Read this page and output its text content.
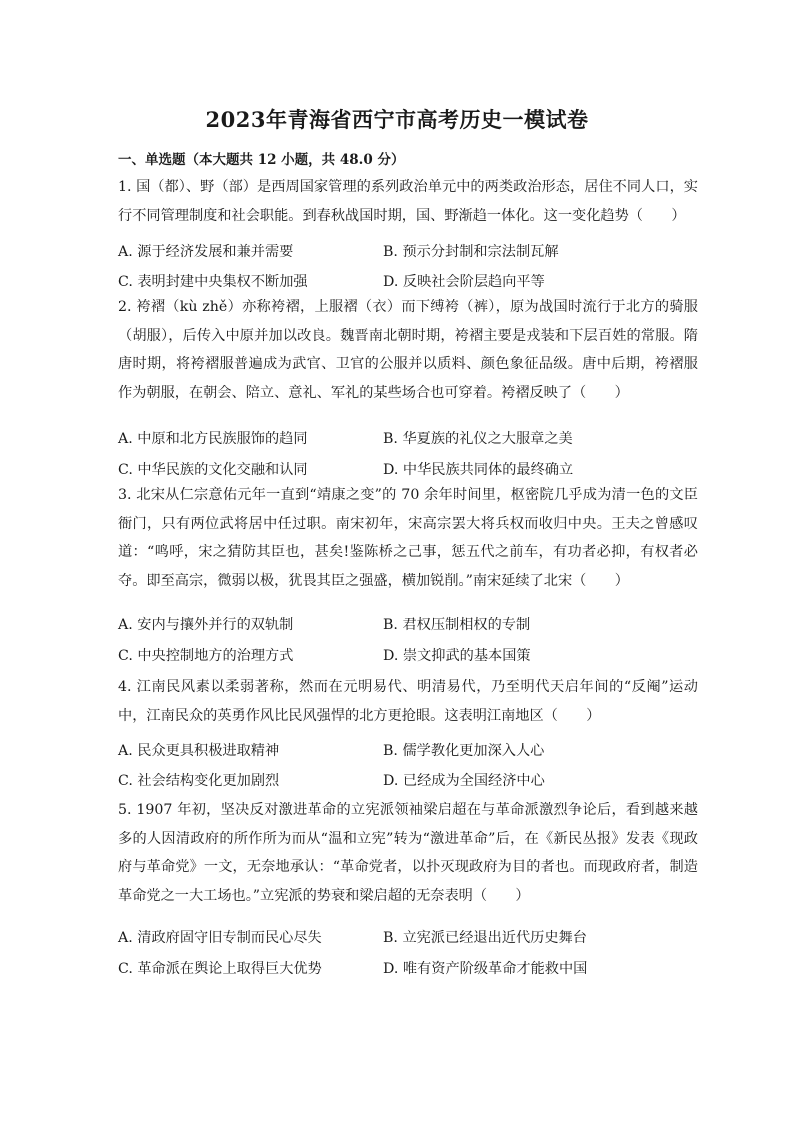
2023年青海省西宁市高考历史一模试卷
一、单选题（本大题共 12 小题，共 48.0 分）
1. 国（都）、野（部）是西周国家管理的系列政治单元中的两类政治形态，居住不同人口，实行不同管理制度和社会职能。到春秋战国时期，国、野渐趋一体化。这一变化趋势（　　）
A. 源于经济发展和兼并需要	B. 预示分封制和宗法制瓦解
C. 表明封建中央集权不断加强	D. 反映社会阶层趋向平等
2. 袴褶（kù zhě）亦称袴褶，上服褶（衣）而下缚袴（裤），原为战国时流行于北方的骑服（胡服），后传入中原并加以改良。魏晋南北朝时期，袴褶主要是戎装和下层百姓的常服。隋唐时期，将袴褶服普遍成为武官、卫官的公服并以质料、颜色象征品级。唐中后期，袴褶服作为朝服，在朝会、陪立、意礼、军礼的某些场合也可穿着。袴褶反映了（　　）
A. 中原和北方民族服饰的趋同	B. 华夏族的礼仪之大服章之美
C. 中华民族的文化交融和认同	D. 中华民族共同体的最终确立
3. 北宋从仁宗意佑元年一直到“靖康之变”的 70 余年时间里，枢密院几乎成为清一色的文臣衙门，只有两位武将居中任过职。南宋初年，宋高宗罢大将兵权而收归中央。王夫之曾感叹道：“鸣呼，宋之猜防其臣也，甚矣!鉴陈桥之己事，惩五代之前车，有功者必抑，有权者必夺。即至高宗，微弱以极，犹畏其臣之强盛，横加锐削。”南宋延续了北宋（　　）
A. 安内与攘外并行的双轨制	B. 君权压制相权的专制
C. 中央控制地方的治理方式	D. 崇文抑武的基本国策
4. 江南民风素以柔弱著称，然而在元明易代、明清易代，乃至明代天启年间的“反阉”运动中，江南民众的英勇作风比民风强悍的北方更抢眼。这表明江南地区（　　）
A. 民众更具积极进取精神	B. 儒学教化更加深入人心
C. 社会结构变化更加剧烈	D. 已经成为全国经济中心
5. 1907 年初，坚决反对激进革命的立宪派领袖梁启超在与革命派激烈争论后，看到越来越多的人因清政府的所作所为而从“温和立宪”转为“激进革命”后，在《新民丛报》发表《现政府与革命党》一文，无奈地承认：“革命党者，以扑灭现政府为目的者也。而现政府者，制造革命党之一大工场也。”立宪派的势衰和梁启超的无奈表明（　　）
A. 清政府固守旧专制而民心尽失	B. 立宪派已经退出近代历史舞台
C. 革命派在舆论上取得巨大优势	D. 唯有资产阶级革命才能救中国
